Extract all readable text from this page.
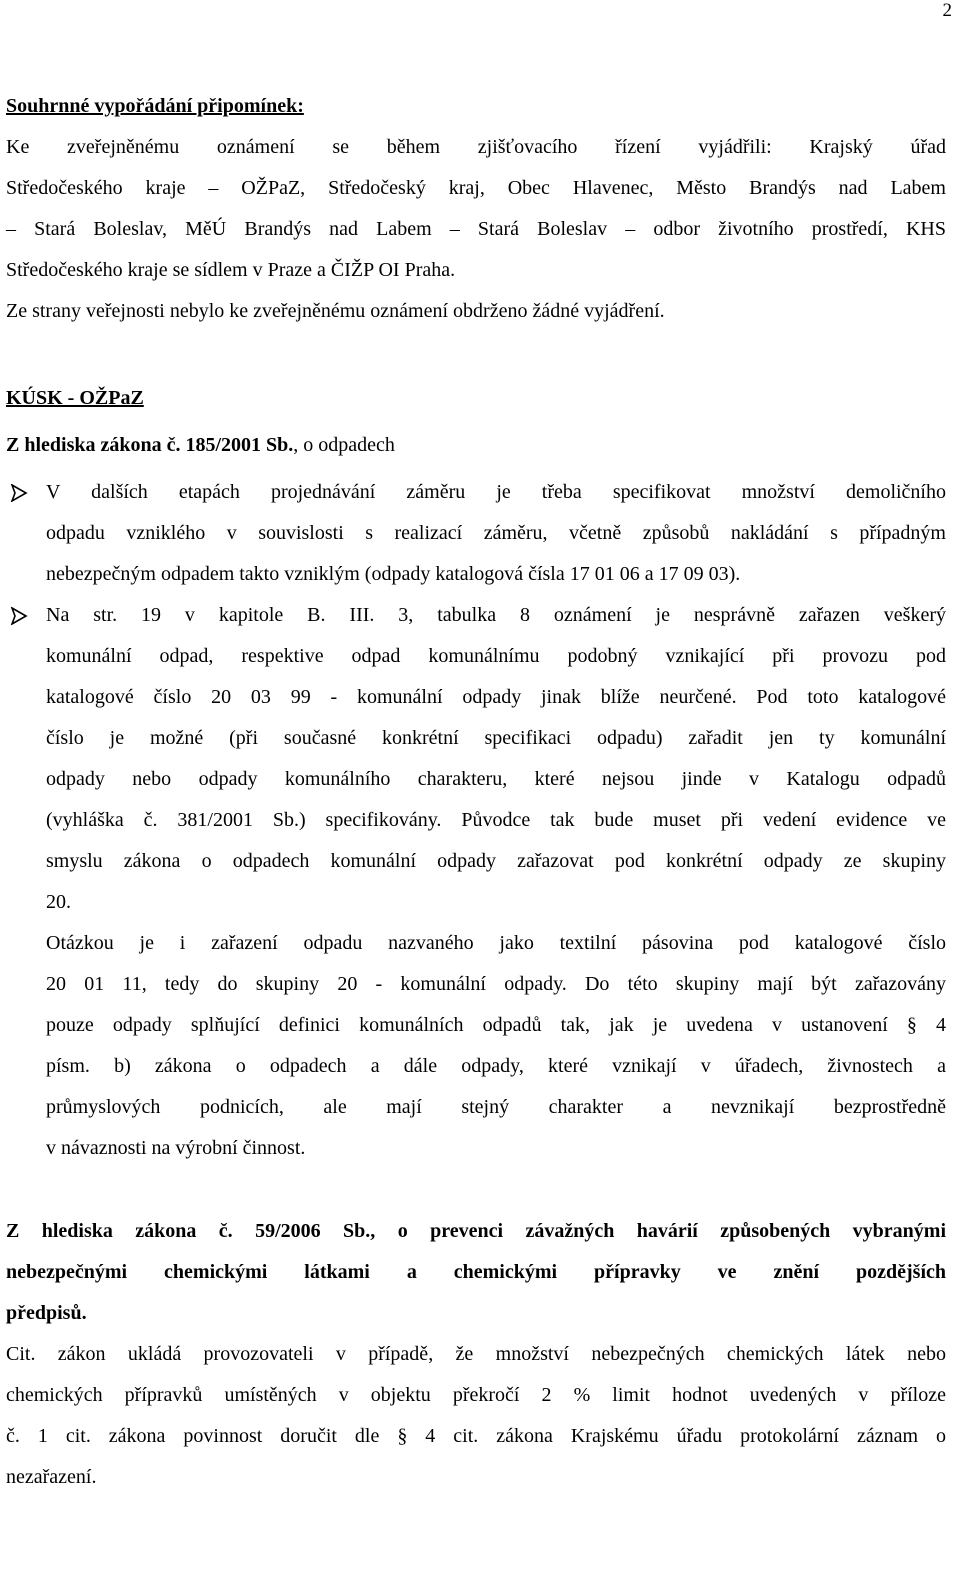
2
Souhrnné vypořádání připomínek:
Ke zveřejněnému oznámení se během zjišťovacího řízení vyjádřili: Krajský úřad
Středočeského kraje – OŽPaZ, Středočeský kraj, Obec Hlavenec, Město Brandýs nad Labem
– Stará Boleslav, MěÚ Brandýs nad Labem – Stará Boleslav – odbor životního prostředí, KHS
Středočeského kraje se sídlem v Praze a ČIŽP OI Praha.
Ze strany veřejnosti nebylo ke zveřejněnému oznámení obdrženo žádné vyjádření.
KÚSK - OŽPaZ
Z hlediska zákona č. 185/2001 Sb., o odpadech
V dalších etapách projednávání záměru je třeba specifikovat množství demoličního
odpadu vzniklého v souvislosti s realizací záměru, včetně způsobů nakládání s případným
nebezpečným odpadem takto vzniklým (odpady katalogová čísla 17 01 06 a 17 09 03).
Na str. 19 v kapitole B. III. 3, tabulka 8 oznámení je nesprávně zařazen veškerý
komunální odpad, respektive odpad komunálnímu podobný vznikající při provozu pod
katalogové číslo 20 03 99 - komunální odpady jinak blíže neurčené. Pod toto katalogové
číslo je možné (při současné konkrétní specifikaci odpadu) zařadit jen ty komunální
odpady nebo odpady komunálního charakteru, které nejsou jinde v Katalogu odpadů
(vyhláška č. 381/2001 Sb.) specifikovány. Původce tak bude muset při vedení evidence ve
smyslu zákona o odpadech komunální odpady zařazovat pod konkrétní odpady ze skupiny
20.
Otázkou je i zařazení odpadu nazvaného jako textilní pásovina pod katalogové číslo
20 01 11, tedy do skupiny 20 - komunální odpady. Do této skupiny mají být zařazovány
pouze odpady splňující definici komunálních odpadů tak, jak je uvedena v ustanovení § 4
písm. b) zákona o odpadech a dále odpady, které vznikají v úřadech, živnostech a
průmyslových podnicích, ale mají stejný charakter a nevznikají bezprostředně
v návaznosti na výrobní činnost.
Z hlediska zákona č. 59/2006 Sb., o prevenci závažných havárií způsobených vybranými
nebezpečnými chemickými látkami a chemickými přípravky ve znění pozdějších
předpisů.
Cit. zákon ukládá provozovateli v případě, že množství nebezpečných chemických látek nebo
chemických přípravků umístěných v objektu překročí 2 % limit hodnot uvedených v příloze
č. 1 cit. zákona povinnost doručit dle § 4 cit. zákona Krajskému úřadu protokolární záznam o
nezařazení.
